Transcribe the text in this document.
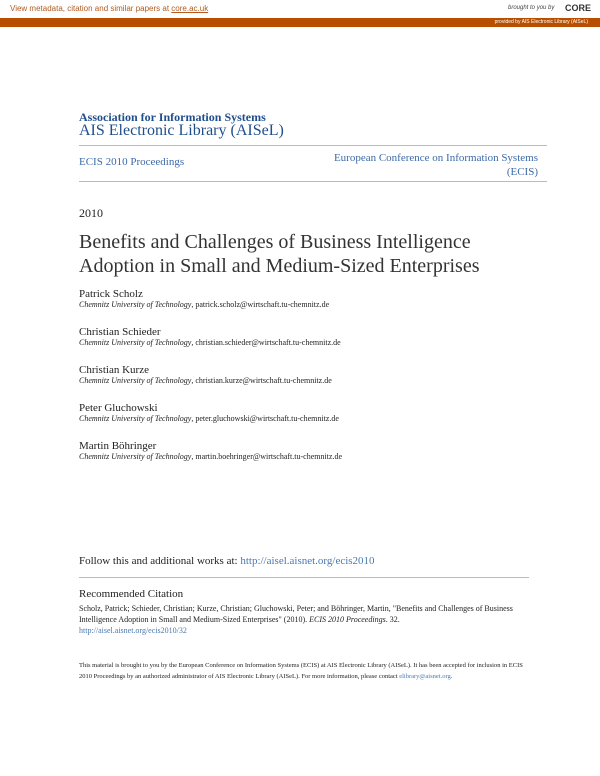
View metadata, citation and similar papers at core.ac.uk	brought to you by CORE
provided by AIS Electronic Library (AISeL)
Association for Information Systems
AIS Electronic Library (AISeL)
ECIS 2010 Proceedings	European Conference on Information Systems (ECIS)
2010
Benefits and Challenges of Business Intelligence Adoption in Small and Medium-Sized Enterprises
Patrick Scholz
Chemnitz University of Technology, patrick.scholz@wirtschaft.tu-chemnitz.de
Christian Schieder
Chemnitz University of Technology, christian.schieder@wirtschaft.tu-chemnitz.de
Christian Kurze
Chemnitz University of Technology, christian.kurze@wirtschaft.tu-chemnitz.de
Peter Gluchowski
Chemnitz University of Technology, peter.gluchowski@wirtschaft.tu-chemnitz.de
Martin Böhringer
Chemnitz University of Technology, martin.boehringer@wirtschaft.tu-chemnitz.de
Follow this and additional works at: http://aisel.aisnet.org/ecis2010
Recommended Citation
Scholz, Patrick; Schieder, Christian; Kurze, Christian; Gluchowski, Peter; and Böhringer, Martin, "Benefits and Challenges of Business Intelligence Adoption in Small and Medium-Sized Enterprises" (2010). ECIS 2010 Proceedings. 32.
http://aisel.aisnet.org/ecis2010/32
This material is brought to you by the European Conference on Information Systems (ECIS) at AIS Electronic Library (AISeL). It has been accepted for inclusion in ECIS 2010 Proceedings by an authorized administrator of AIS Electronic Library (AISeL). For more information, please contact elibrary@aisnet.org.
